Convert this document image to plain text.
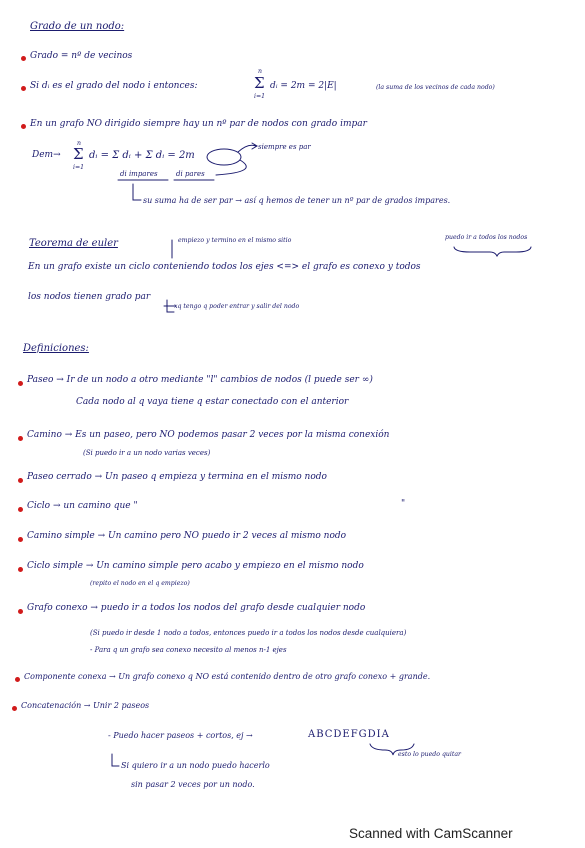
Grado de un nodo:
Grado = nº de vecinos
Si dᵢ es el grado del nodo i entonces:
n
Σ
i=1
dᵢ = 2m = 2|E|	(la suma de los vecinos de cada nodo)
En un grafo NO dirigido siempre hay un nº par de nodos con grado impar
Dem→
n
Σ
i=1
dᵢ = Σ dᵢ + Σ dᵢ = 2m
siempre es par
di impares	di pares
su suma ha de ser par → así q hemos de tener un nº par de grados impares.
Teorema de euler	empiezo y termino en el mismo sitio	puedo ir a todos los nodos
En un grafo existe un ciclo conteniendo todos los ejes <=> el grafo es conexo y todos
los nodos tienen grado par
xq tengo q poder entrar y salir del nodo
Definiciones:
Paseo → Ir de un nodo a otro mediante "l" cambios de nodos (l puede ser ∞)
Cada nodo al q vaya tiene q estar conectado con el anterior
Camino → Es un paseo, pero NO podemos pasar 2 veces por la misma conexión
(Si puedo ir a un nodo varias veces)
Paseo cerrado → Un paseo q empieza y termina en el mismo nodo
Ciclo → un camino que "	"
Camino simple → Un camino pero NO puedo ir 2 veces al mismo nodo
Ciclo simple → Un camino simple pero acabo y empiezo en el mismo nodo
(repito el nodo en el q empiezo)
Grafo conexo → puedo ir a todos los nodos del grafo desde cualquier nodo
(Si puedo ir desde 1 nodo a todos, entonces puedo ir a todos los nodos desde cualquiera)
- Para q un grafo sea conexo necesito al menos n-1 ejes
Componente conexa → Un grafo conexo q NO está contenido dentro de otro grafo conexo + grande.
Concatenación → Unir 2 paseos
- Puedo hacer paseos + cortos, ej →	ABCDEFGDIA
esto lo puedo quitar
Si quiero ir a un nodo puedo hacerlo
sin pasar 2 veces por un nodo.
Scanned with CamScanner
